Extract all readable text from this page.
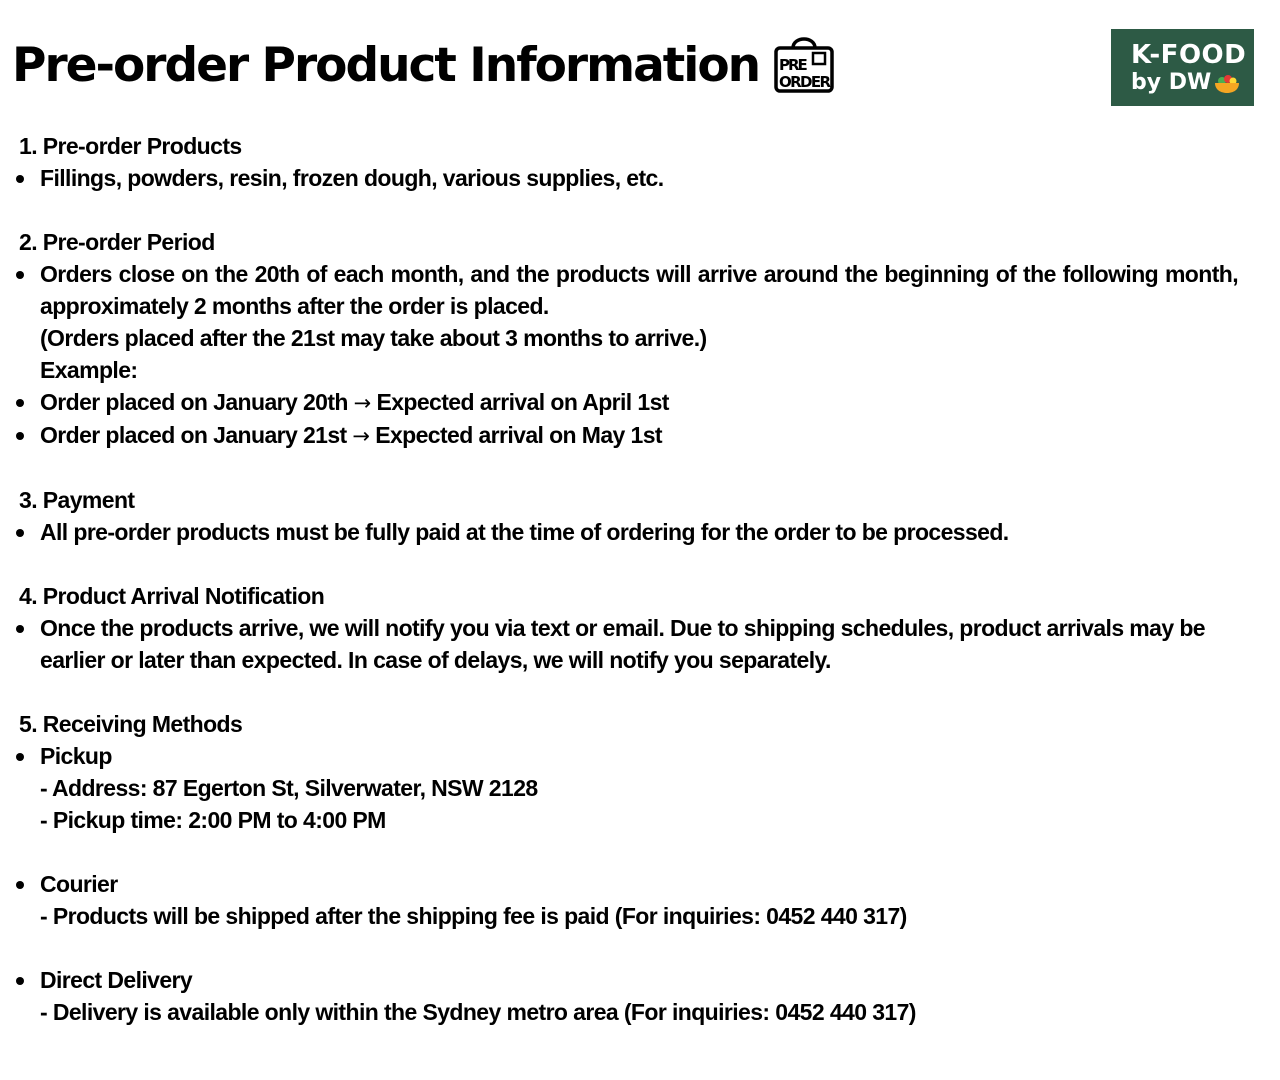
Pre-order Product Information PRE
ORDER
K-FOOD
by DW
1. Pre-order Products
Fillings, powders, resin, frozen dough, various supplies, etc.
2. Pre-order Period
Orders close on the 20th of each month, and the products will arrive around the beginning of the following month, approximately 2 months after the order is placed.
(Orders placed after the 21st may take about 3 months to arrive.)
Example:
Order placed on January 20th → Expected arrival on April 1st
Order placed on January 21st → Expected arrival on May 1st
3. Payment
All pre-order products must be fully paid at the time of ordering for the order to be processed.
4. Product Arrival Notification
Once the products arrive, we will notify you via text or email. Due to shipping schedules, product arrivals may be earlier or later than expected. In case of delays, we will notify you separately.
5. Receiving Methods
Pickup
- Address: 87 Egerton St, Silverwater, NSW 2128
- Pickup time: 2:00 PM to 4:00 PM
Courier
- Products will be shipped after the shipping fee is paid (For inquiries: 0452 440 317)
Direct Delivery
- Delivery is available only within the Sydney metro area (For inquiries: 0452 440 317)
